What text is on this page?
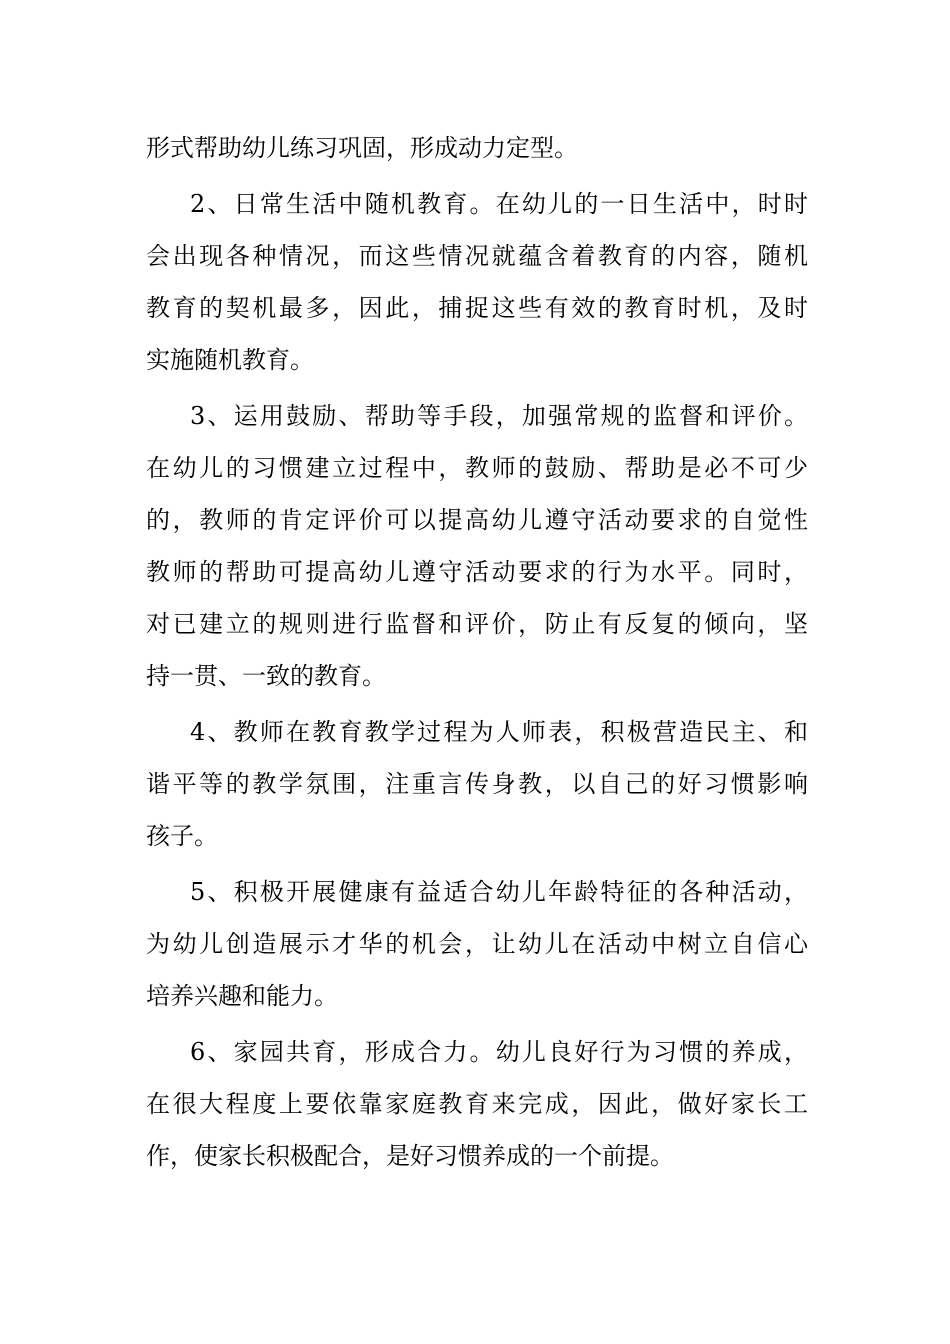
形式帮助幼儿练习巩固，形成动力定型。
2、日常生活中随机教育。在幼儿的一日生活中，时时
会出现各种情况，而这些情况就蕴含着教育的内容，随机
教育的契机最多，因此，捕捉这些有效的教育时机，及时
实施随机教育。
3、运用鼓励、帮助等手段，加强常规的监督和评价。
在幼儿的习惯建立过程中，教师的鼓励、帮助是必不可少
的，教师的肯定评价可以提高幼儿遵守活动要求的自觉性
教师的帮助可提高幼儿遵守活动要求的行为水平。同时，
对已建立的规则进行监督和评价，防止有反复的倾向，坚
持一贯、一致的教育。
4、教师在教育教学过程为人师表，积极营造民主、和
谐平等的教学氛围，注重言传身教，以自己的好习惯影响
孩子。
5、积极开展健康有益适合幼儿年龄特征的各种活动，
为幼儿创造展示才华的机会，让幼儿在活动中树立自信心
培养兴趣和能力。
6、家园共育，形成合力。幼儿良好行为习惯的养成，
在很大程度上要依靠家庭教育来完成，因此，做好家长工
作，使家长积极配合，是好习惯养成的一个前提。
